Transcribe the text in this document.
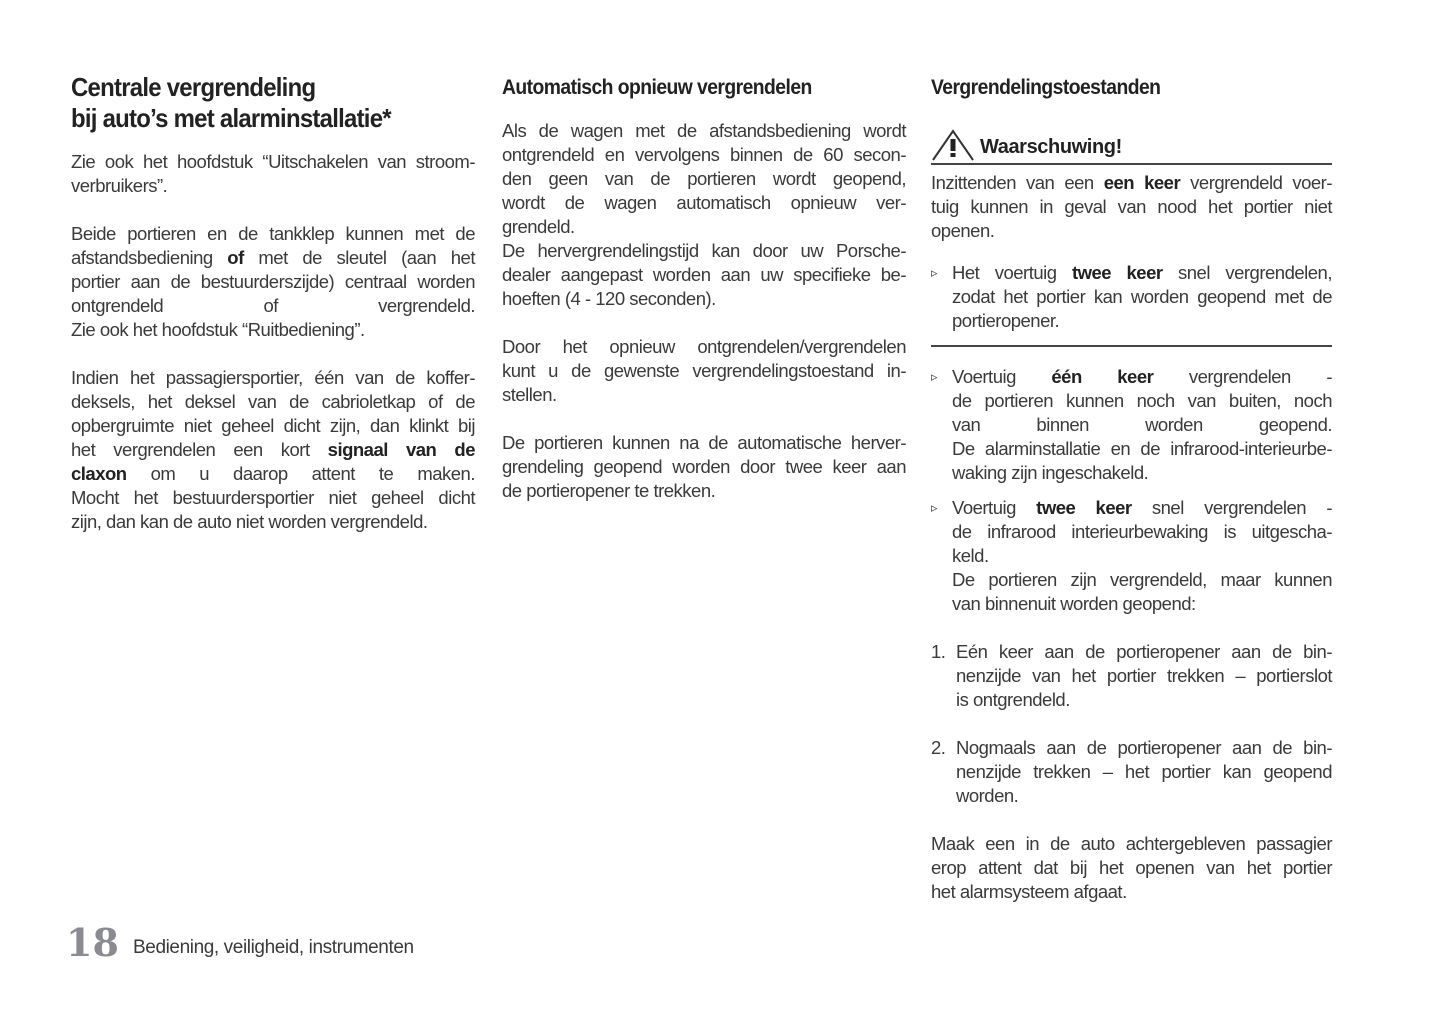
Centrale vergrendeling
bij auto’s met alarminstallatie*
Zie ook het hoofdstuk “Uitschakelen van stroom-
verbruikers”.
Beide portieren en de tankklep kunnen met de
afstandsbediening of met de sleutel (aan het
portier aan de bestuurderszijde) centraal worden
ontgrendeld of vergrendeld.
Zie ook het hoofdstuk “Ruitbediening”.
Indien het passagiersportier, één van de koffer-
deksels, het deksel van de cabrioletkap of de
opbergruimte niet geheel dicht zijn, dan klinkt bij
het vergrendelen een kort signaal van de
claxon om u daarop attent te maken.
Mocht het bestuurdersportier niet geheel dicht
zijn, dan kan de auto niet worden vergrendeld.
Automatisch opnieuw vergrendelen
Als de wagen met de afstandsbediening wordt
ontgrendeld en vervolgens binnen de 60 secon-
den geen van de portieren wordt geopend,
wordt de wagen automatisch opnieuw ver-
grendeld.
De hervergrendelingstijd kan door uw Porsche-
dealer aangepast worden aan uw specifieke be-
hoeften (4 - 120 seconden).
Door het opnieuw ontgrendelen/vergrendelen
kunt u de gewenste vergrendelingstoestand in-
stellen.
De portieren kunnen na de automatische herver-
grendeling geopend worden door twee keer aan
de portieropener te trekken.
Vergrendelingstoestanden
Waarschuwing!
Inzittenden van een een keer vergrendeld voer-
tuig kunnen in geval van nood het portier niet
openen.
▹ Het voertuig twee keer snel vergrendelen,
zodat het portier kan worden geopend met de
portieropener.
▹ Voertuig één keer vergrendelen -
de portieren kunnen noch van buiten, noch
van binnen worden geopend.
De alarminstallatie en de infrarood-interieurbe-
waking zijn ingeschakeld.
▹ Voertuig twee keer snel vergrendelen -
de infrarood interieurbewaking is uitgescha-
keld.
De portieren zijn vergrendeld, maar kunnen
van binnenuit worden geopend:
1. Eén keer aan de portieropener aan de bin-
nenzijde van het portier trekken – portierslot
is ontgrendeld.
2. Nogmaals aan de portieropener aan de bin-
nenzijde trekken – het portier kan geopend
worden.
Maak een in de auto achtergebleven passagier
erop attent dat bij het openen van het portier
het alarmsysteem afgaat.
18 Bediening, veiligheid, instrumenten
